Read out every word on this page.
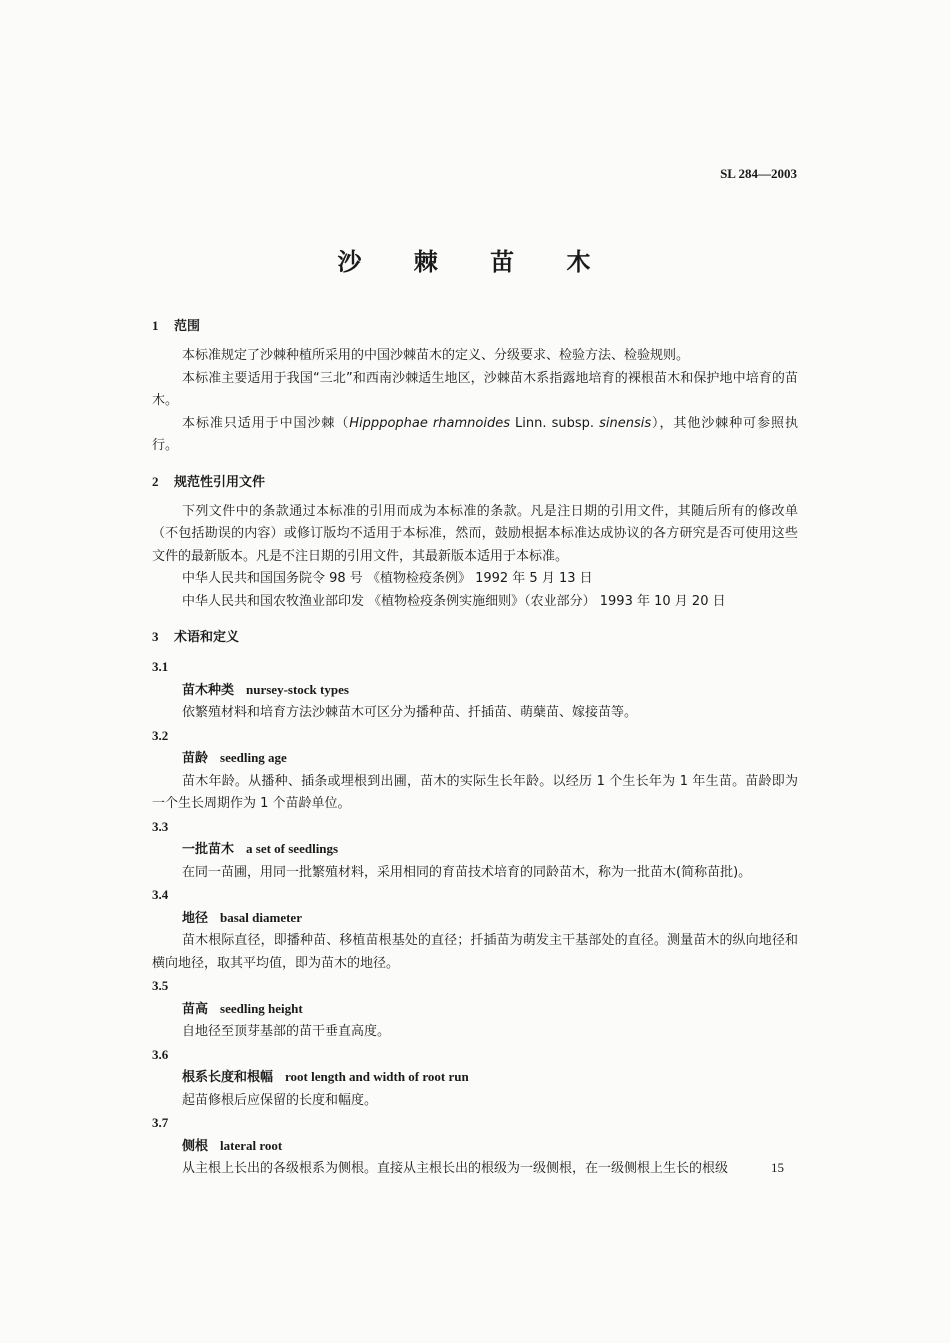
SL 284—2003
沙 棘 苗 木
1 范围
本标准规定了沙棘种植所采用的中国沙棘苗木的定义、分级要求、检验方法、检验规则。
本标准主要适用于我国“三北”和西南沙棘适生地区，沙棘苗木系指露地培育的裸根苗木和保护地中培育的苗木。
本标准只适用于中国沙棘（Hipppophae rhamnoides Linn. subsp. sinensis），其他沙棘种可参照执行。
2 规范性引用文件
下列文件中的条款通过本标准的引用而成为本标准的条款。凡是注日期的引用文件，其随后所有的修改单（不包括勘误的内容）或修订版均不适用于本标准，然而，鼓励根据本标准达成协议的各方研究是否可使用这些文件的最新版本。凡是不注日期的引用文件，其最新版本适用于本标准。
中华人民共和国国务院令 98 号 《植物检疫条例》 1992 年 5 月 13 日
中华人民共和国农牧渔业部印发 《植物检疫条例实施细则》（农业部分） 1993 年 10 月 20 日
3 术语和定义
3.1
苗木种类 nursey-stock types
依繁殖材料和培育方法沙棘苗木可区分为播种苗、扦插苗、萌蘖苗、嫁接苗等。
3.2
苗龄 seedling age
苗木年龄。从播种、插条或埋根到出圃，苗木的实际生长年龄。以经历 1 个生长年为 1 年生苗。苗龄即为一个生长周期作为 1 个苗龄单位。
3.3
一批苗木 a set of seedlings
在同一苗圃，用同一批繁殖材料，采用相同的育苗技术培育的同龄苗木，称为一批苗木(简称苗批)。
3.4
地径 basal diameter
苗木根际直径，即播种苗、移植苗根基处的直径；扦插苗为萌发主干基部处的直径。测量苗木的纵向地径和横向地径，取其平均值，即为苗木的地径。
3.5
苗高 seedling height
自地径至顶芽基部的苗干垂直高度。
3.6
根系长度和根幅 root length and width of root run
起苗修根后应保留的长度和幅度。
3.7
侧根 lateral root
从主根上长出的各级根系为侧根。直接从主根长出的根级为一级侧根，在一级侧根上生长的根级	15
